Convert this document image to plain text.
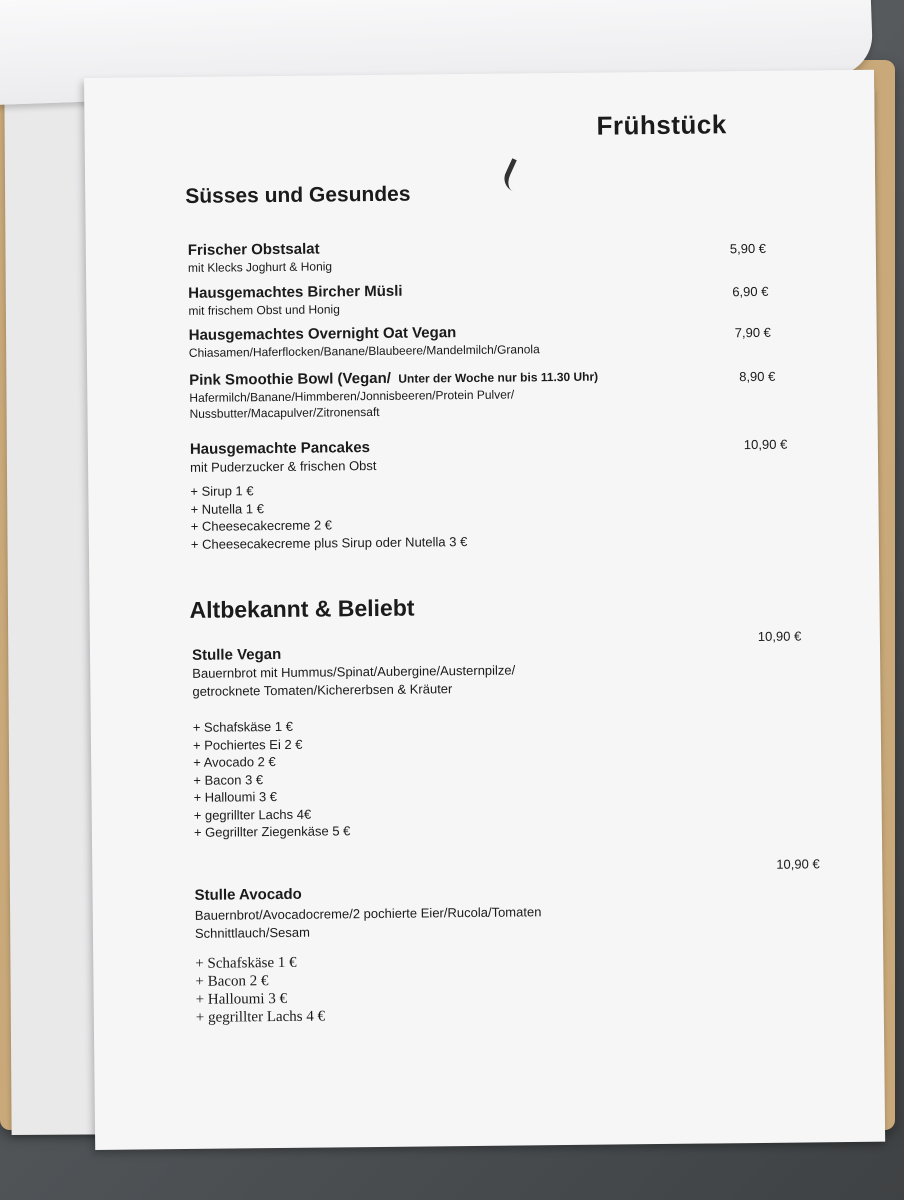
Frühstück
Süsses und Gesundes
Frischer Obstsalat
mit Klecks Joghurt & Honig
5,90 €
Hausgemachtes Bircher Müsli
mit frischem Obst und Honig
6,90 €
Hausgemachtes Overnight Oat Vegan
Chiasamen/Haferflocken/Banane/Blaubeere/Mandelmilch/Granola
7,90 €
Pink Smoothie Bowl (Vegan/ Unter der Woche nur bis 11.30 Uhr)
Hafermilch/Banane/Himmberen/Jonnisbeeren/Protein Pulver/
Nussbutter/Macapulver/Zitronensaft
8,90 €
Hausgemachte Pancakes
mit Puderzucker & frischen Obst
+ Sirup 1 €
+ Nutella 1 €
+ Cheesecakecreme 2 €
+ Cheesecakecreme plus Sirup oder Nutella 3 €
10,90 €
Altbekannt & Beliebt
10,90 €
Stulle Vegan
Bauernbrot mit Hummus/Spinat/Aubergine/Austernpilze/
getrocknete Tomaten/Kichererbsen & Kräuter
+ Schafskäse 1 €
+ Pochiertes Ei 2 €
+ Avocado 2 €
+ Bacon 3 €
+ Halloumi 3 €
+ gegrillter Lachs 4€
+ Gegrillter Ziegenkäse 5 €
10,90 €
Stulle Avocado
Bauernbrot/Avocadocreme/2 pochierte Eier/Rucola/Tomaten
Schnittlauch/Sesam
+ Schafskäse 1 €
+ Bacon 2 €
+ Halloumi 3 €
+ gegrillter Lachs 4 €
